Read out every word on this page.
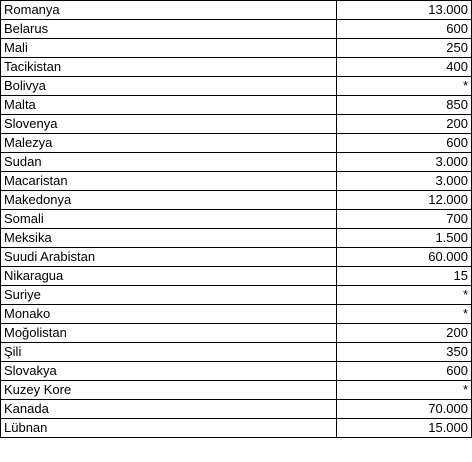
Romanya	13.000
Belarus	600
Mali	250
Tacikistan	400
Bolivya	*
Malta	850
Slovenya	200
Malezya	600
Sudan	3.000
Macaristan	3.000
Makedonya	12.000
Somali	700
Meksika	1.500
Suudi Arabistan	60.000
Nikaragua	15
Suriye	*
Monako	*
Moğolistan	200
Şili	350
Slovakya	600
Kuzey Kore	*
Kanada	70.000
Lübnan	15.000
